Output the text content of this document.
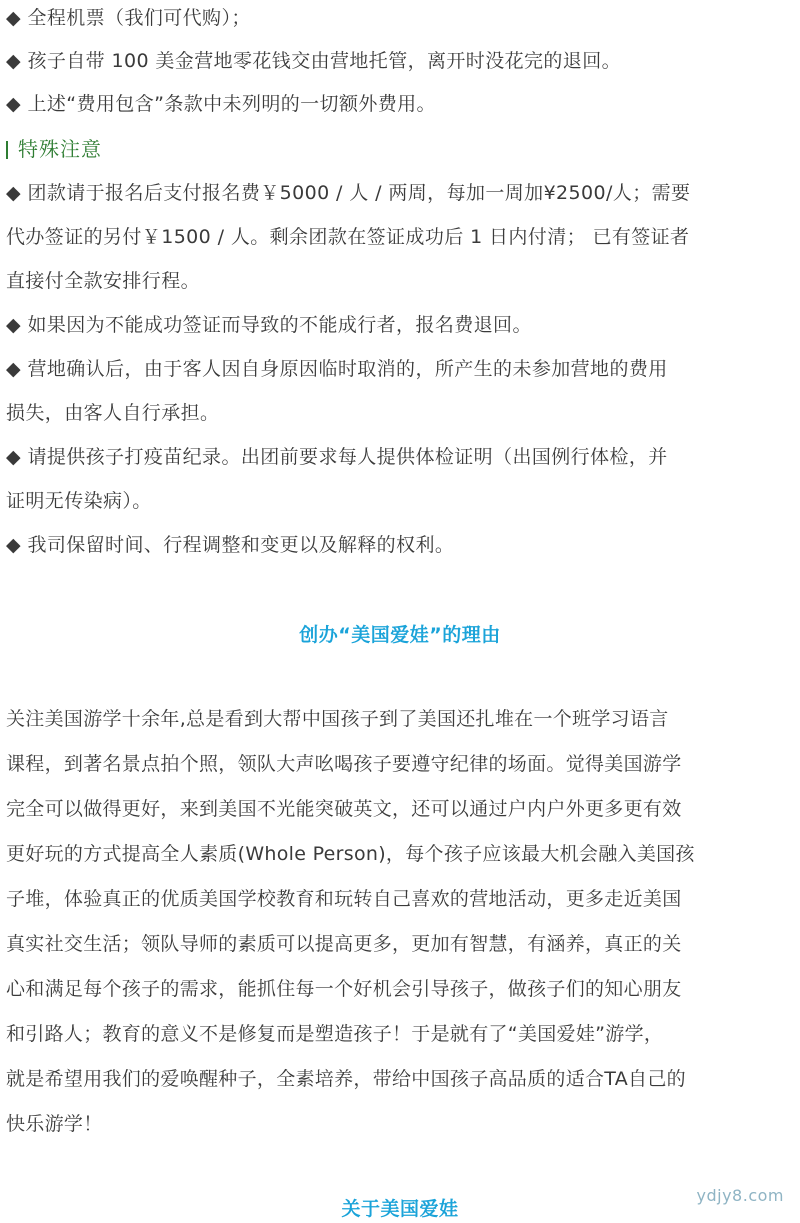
◆ 全程机票（我们可代购）；
◆ 孩子自带 100 美金营地零花钱交由营地托管，离开时没花完的退回。
◆ 上述“费用包含”条款中未列明的一切额外费用。
特殊注意
◆ 团款请于报名后支付报名费￥5000 / 人 / 两周，每加一周加¥2500/人；需要
代办签证的另付￥1500 / 人。剩余团款在签证成功后 1 日内付清； 已有签证者
直接付全款安排行程。
◆ 如果因为不能成功签证而导致的不能成行者，报名费退回。
◆ 营地确认后，由于客人因自身原因临时取消的，所产生的未参加营地的费用
损失，由客人自行承担。
◆ 请提供孩子打疫苗纪录。出团前要求每人提供体检证明（出国例行体检，并
证明无传染病）。
◆ 我司保留时间、行程调整和变更以及解释的权利。
创办“美国爱娃”的理由
关注美国游学十余年,总是看到大帮中国孩子到了美国还扎堆在一个班学习语言
课程，到著名景点拍个照，领队大声吆喝孩子要遵守纪律的场面。觉得美国游学
完全可以做得更好，来到美国不光能突破英文，还可以通过户内户外更多更有效
更好玩的方式提高全人素质(Whole Person)，每个孩子应该最大机会融入美国孩
子堆，体验真正的优质美国学校教育和玩转自己喜欢的营地活动，更多走近美国
真实社交生活；领队导师的素质可以提高更多，更加有智慧，有涵养，真正的关
心和满足每个孩子的需求，能抓住每一个好机会引导孩子，做孩子们的知心朋友
和引路人；教育的意义不是修复而是塑造孩子！于是就有了“美国爱娃”游学，
就是希望用我们的爱唤醒种子，全素培养，带给中国孩子高品质的适合TA自己的
快乐游学！
关于美国爱娃
ydjy8.com
